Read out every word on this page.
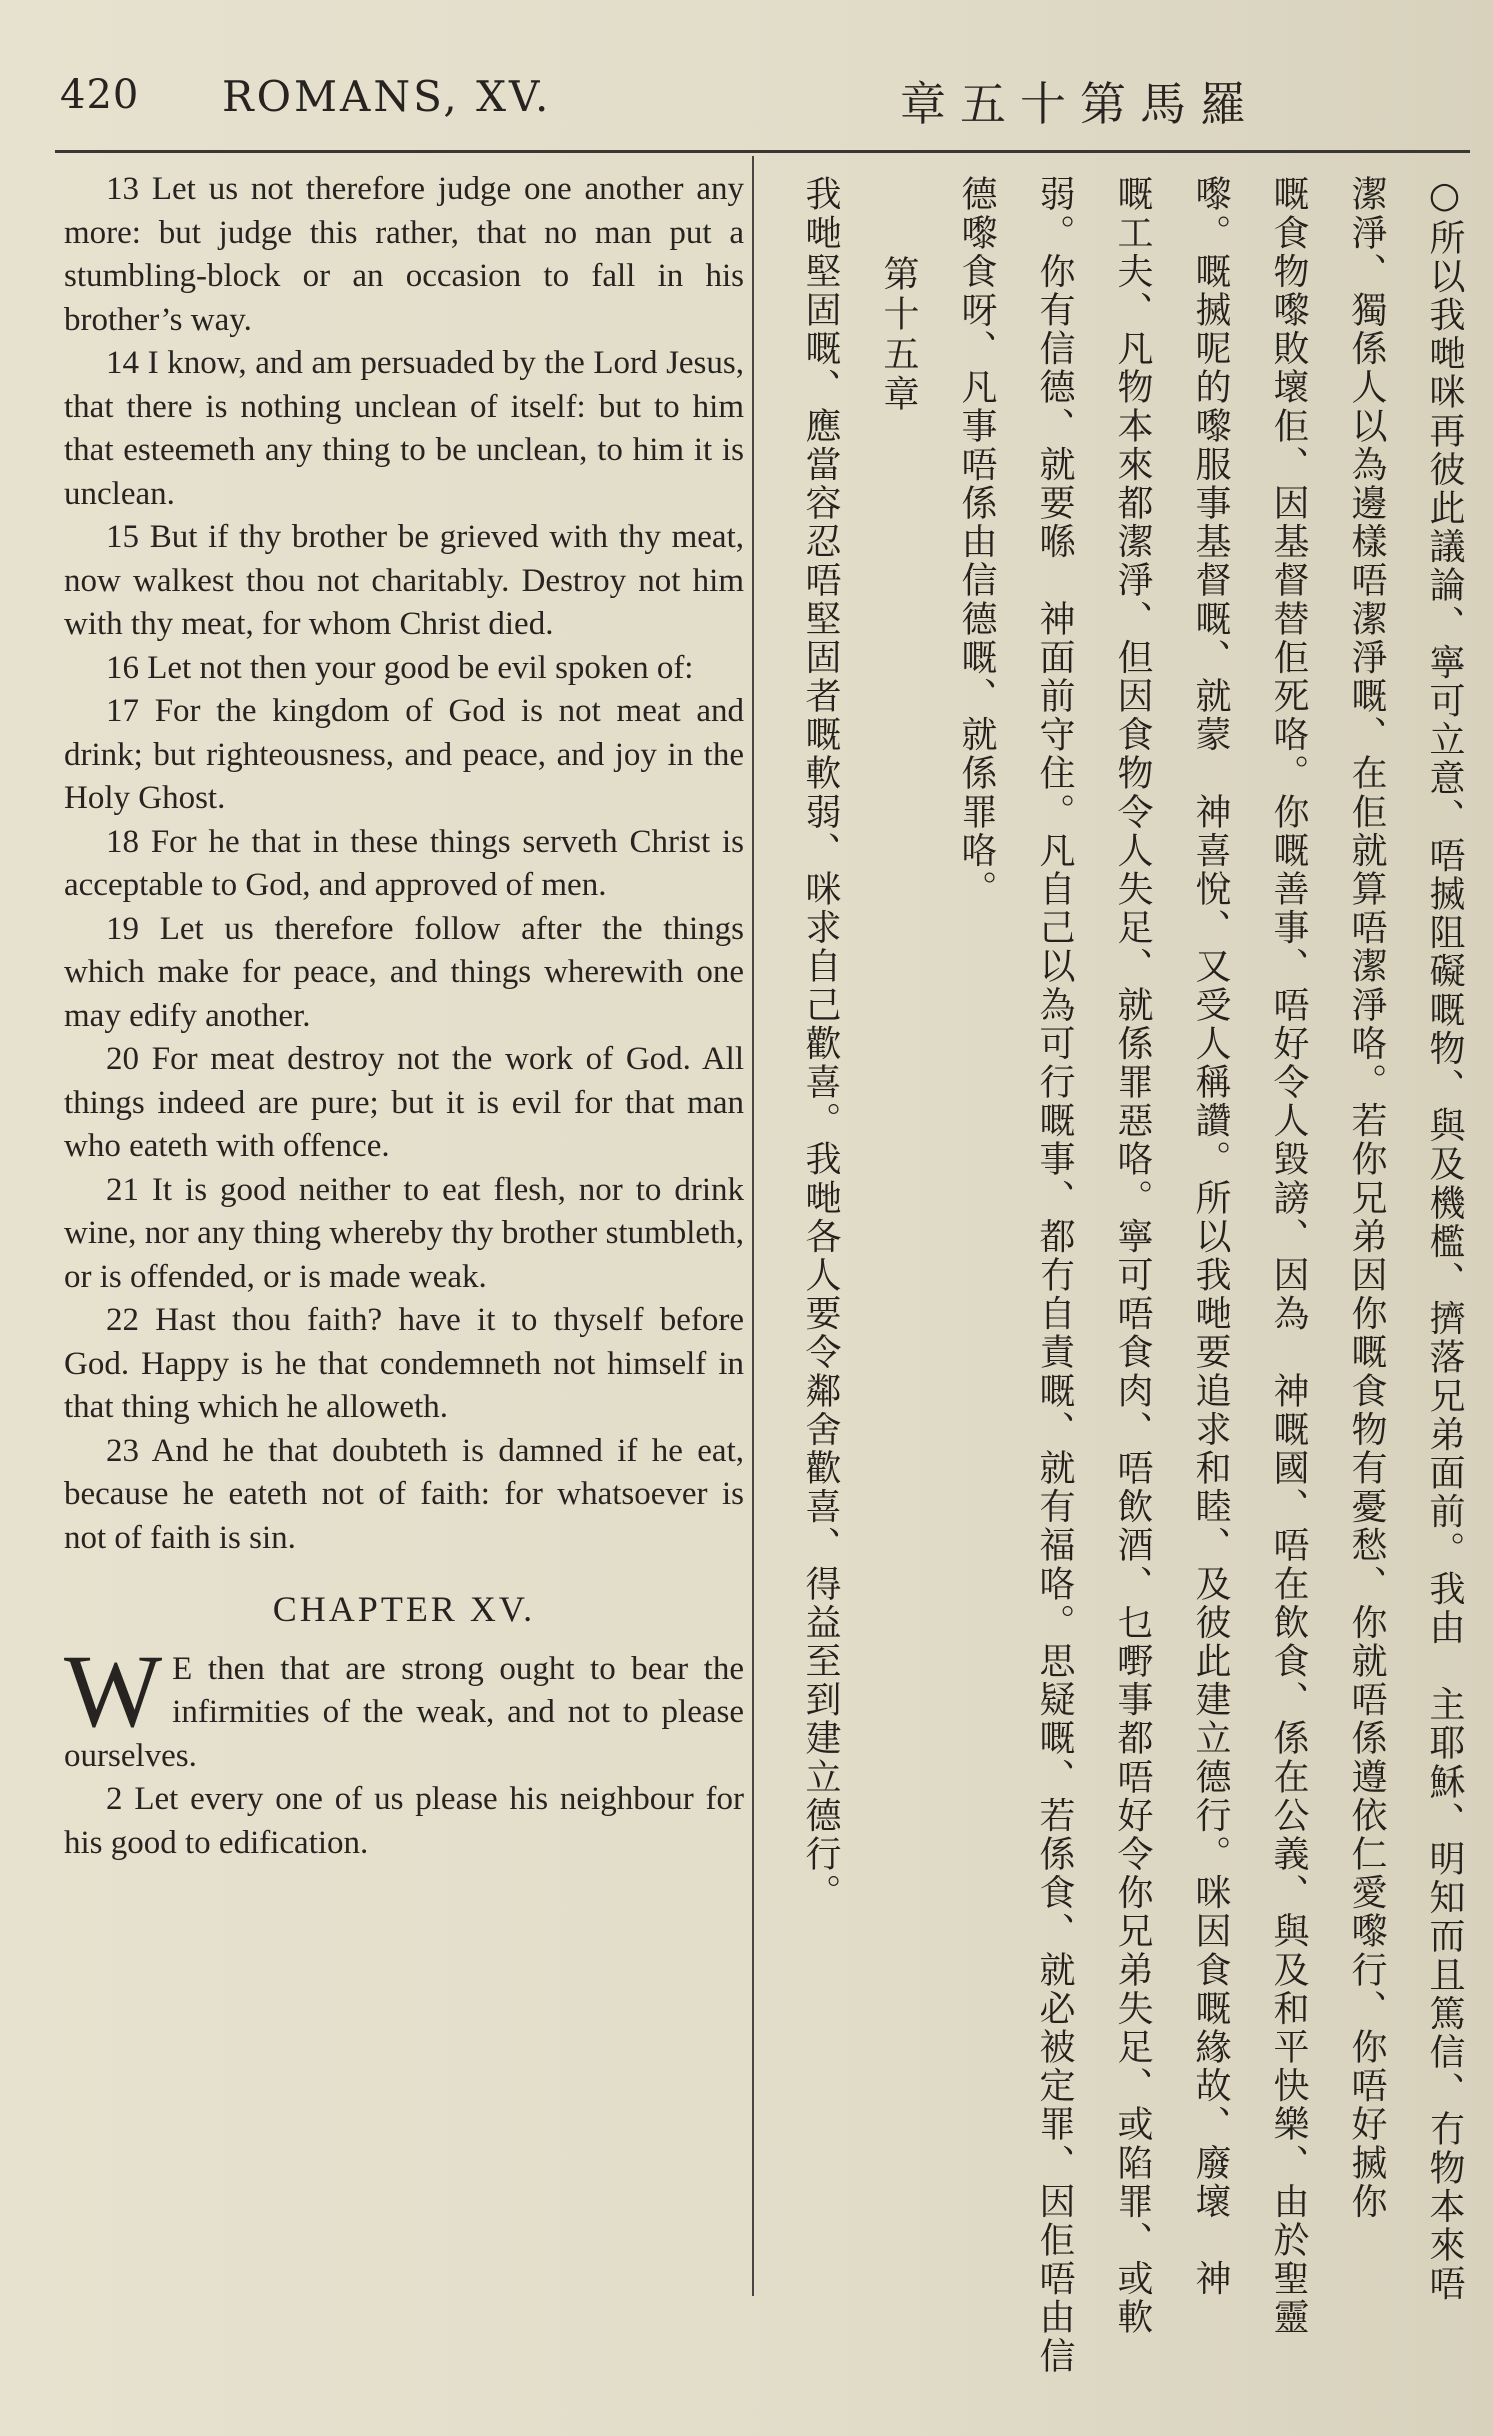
420 ROMANS, XV.	章五十第馬羅

13 Let us not therefore judge one another any more: but judge this rather, that no man put a stumbling-block or an occasion to fall in his brother’s way.

14 I know, and am persuaded by the Lord Jesus, that there is nothing unclean of itself: but to him that esteemeth any thing to be unclean, to him it is unclean.

15 But if thy brother be grieved with thy meat, now walkest thou not charitably. Destroy not him with thy meat, for whom Christ died.

16 Let not then your good be evil spoken of:

17 For the kingdom of God is not meat and drink; but righteousness, and peace, and joy in the Holy Ghost.

18 For he that in these things serveth Christ is acceptable to God, and approved of men.

19 Let us therefore follow after the things which make for peace, and things wherewith one may edify another.

20 For meat destroy not the work of God. All things indeed are pure; but it is evil for that man who eateth with offence.

21 It is good neither to eat flesh, nor to drink wine, nor any thing whereby thy brother stumbleth, or is offended, or is made weak.

22 Hast thou faith? have it to thyself before God. Happy is he that condemneth not himself in that thing which he alloweth.

23 And he that doubteth is damned if he eat, because he eateth not of faith: for whatsoever is not of faith is sin.

CHAPTER XV.

W E then that are strong ought to bear the infirmities of the weak, and not to please ourselves.

2 Let every one of us please his neighbour for his good to edification.	○所以我哋咪再彼此議論、寧可立意、唔搣阻礙嘅物、與及機檻、擠落兄弟面前。我由　主耶穌、明知而且篤信、冇物本來唔
潔淨、獨係人以為邊樣唔潔淨嘅、在佢就算唔潔淨咯。若你兄弟因你嘅食物有憂愁、你就唔係遵依仁愛嚟行、你唔好搣你
嘅食物嚟敗壞佢、因基督替佢死咯。你嘅善事、唔好令人毀謗、因為　神嘅國、唔在飲食、係在公義、與及和平快樂、由於聖靈
嚟。嘅搣呢的嚟服事基督嘅、就蒙　神喜悅、又受人稱讚。所以我哋要追求和睦、及彼此建立德行。咪因食嘅緣故、廢壞　神
嘅工夫、凡物本來都潔淨、但因食物令人失足、就係罪惡咯。寧可唔食肉、唔飲酒、乜嘢事都唔好令你兄弟失足、或陷罪、或軟
弱。你有信德、就要喺　神面前守住。凡自己以為可行嘅事、都冇自責嘅、就有福咯。思疑嘅、若係食、就必被定罪、因佢唔由信
德嚟食呀、凡事唔係由信德嘅、就係罪咯。
第十五章
我哋堅固嘅、應當容忍唔堅固者嘅軟弱、咪求自己歡喜。我哋各人要令鄰舍歡喜、得益至到建立德行。
